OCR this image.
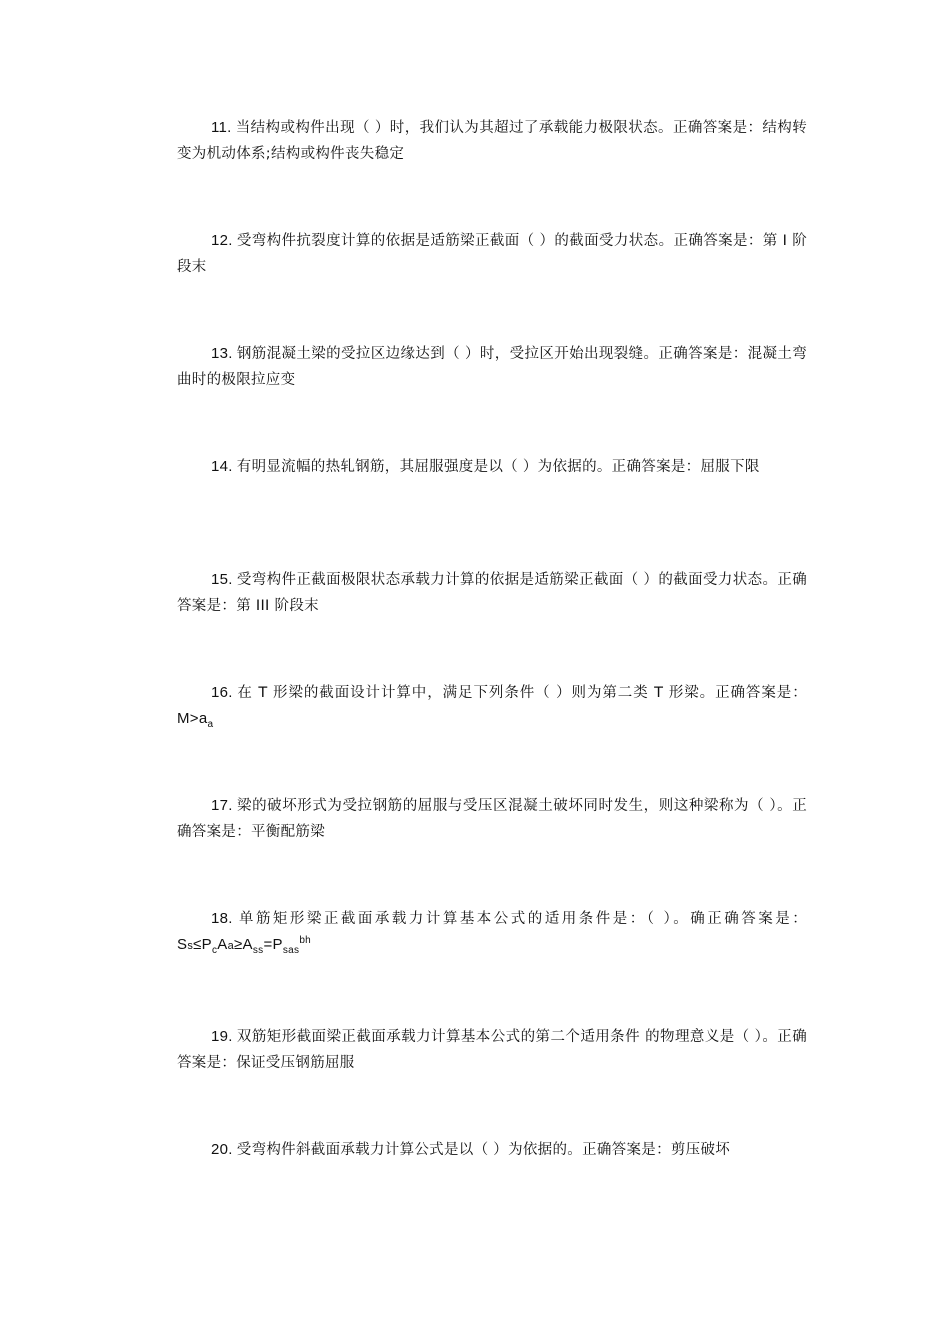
11. 当结构或构件出现（ ）时，我们认为其超过了承载能力极限状态。正确答案是：结构转变为机动体系;结构或构件丧失稳定
12. 受弯构件抗裂度计算的依据是适筋梁正截面（ ）的截面受力状态。正确答案是：第 I 阶段末
13. 钢筋混凝土梁的受拉区边缘达到（ ）时，受拉区开始出现裂缝。正确答案是：混凝土弯曲时的极限拉应变
14. 有明显流幅的热轧钢筋，其屈服强度是以（ ）为依据的。正确答案是：屈服下限
15. 受弯构件正截面极限状态承载力计算的依据是适筋梁正截面（ ）的截面受力状态。正确答案是：第 III 阶段末
16. 在 T 形梁的截面设计计算中，满足下列条件（ ）则为第二类 T 形梁。正确答案是：$M>a_a$
17. 梁的破坏形式为受拉钢筋的屈服与受压区混凝土破坏同时发生，则这种梁称为（ ）。正确答案是：平衡配筋梁
18. 单筋矩形梁正截面承载力计算基本公式的适用条件是：（ ）。确正确答案是：$Ss\le P_cAa\ge A_{ss}=P_{sas}^{bh}$
19. 双筋矩形截面梁正截面承载力计算基本公式的第二个适用条件 的物理意义是（ ）。正确答案是：保证受压钢筋屈服
20. 受弯构件斜截面承载力计算公式是以（ ）为依据的。正确答案是：剪压破坏
